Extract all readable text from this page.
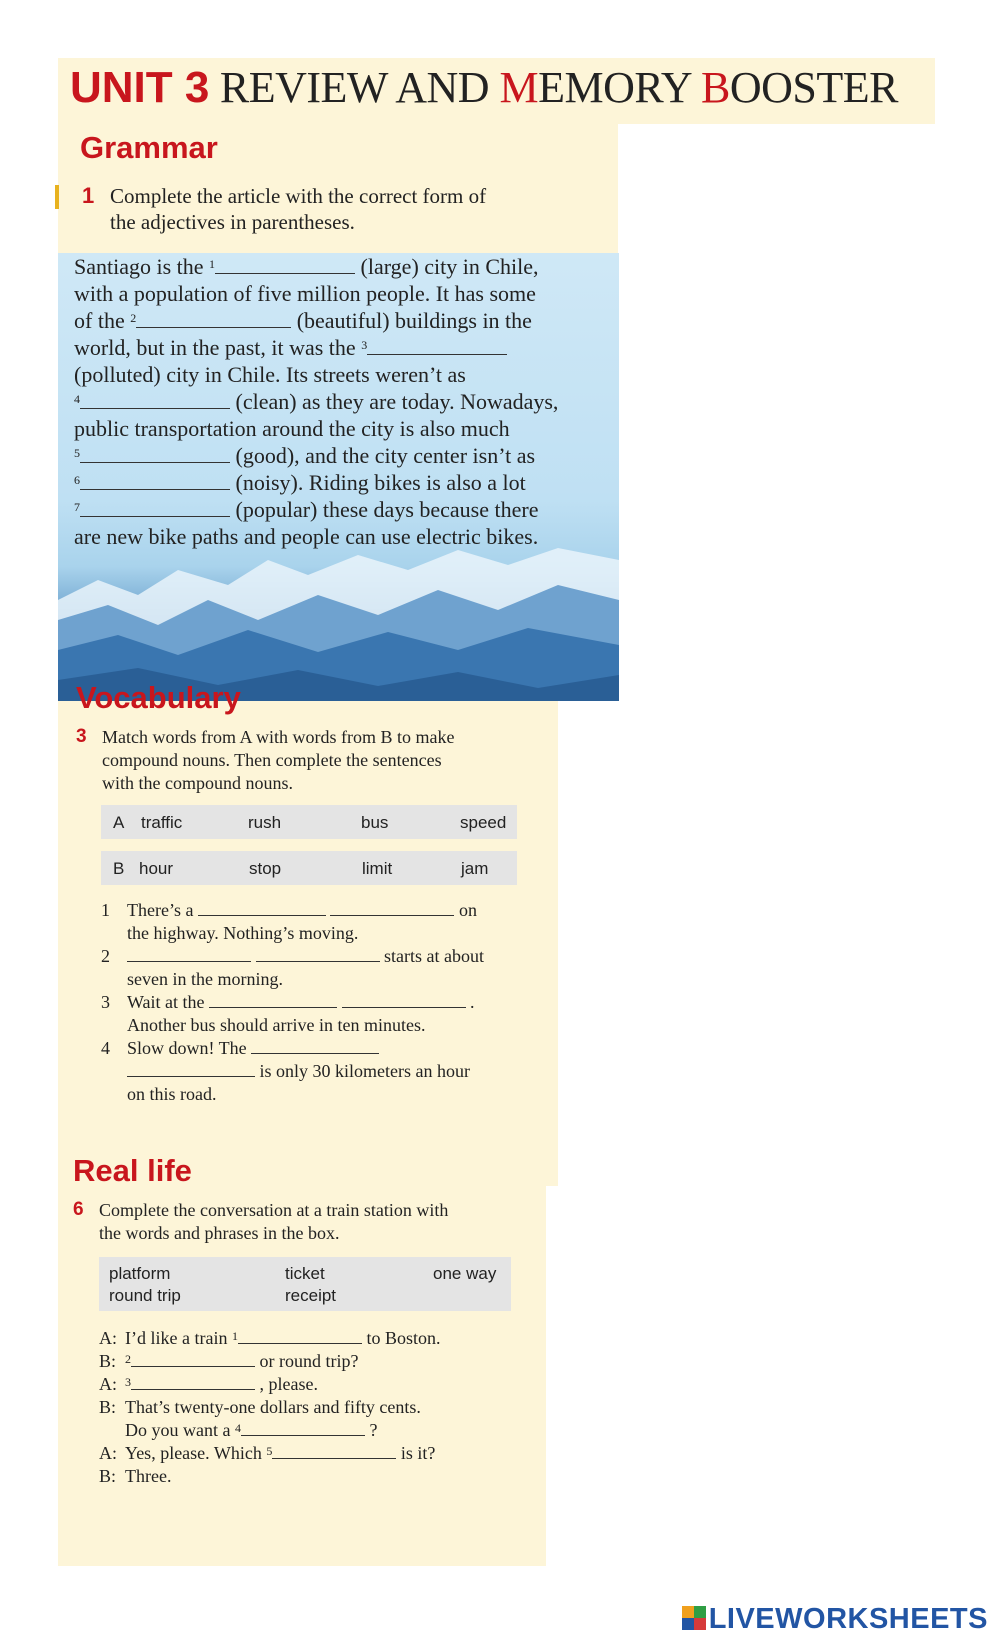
UNIT 3 REVIEW AND MEMORY BOOSTER
Grammar
1 Complete the article with the correct form of
the adjectives in parentheses.

Santiago is the $^1$	(large) city in Chile,

with a population of five million people. It has some

of the $^2$	(beautiful) buildings in the

world, but in the past, it was the $^3$

(polluted) city in Chile. Its streets weren’t as

$^4$	(clean) as they are today. Nowadays,

public transportation around the city is also much

$^5$	(good), and the city center isn’t as

$^6$	(noisy). Riding bikes is also a lot

$^7$	(popular) these days because there

are new bike paths and people can use electric bikes.

Vocabulary
3 Match words from A with words from B to make

compound nouns. Then complete the sentences

with the compound nouns.

A traffic	rush	bus	speed
B hour	stop	limit	jam

1 There’s a	on

the highway. Nothing’s moving.

2	starts at about

seven in the morning.

3 Wait at the	.

Another bus should arrive in ten minutes.

4 Slow down! The

is only 30 kilometers an hour

on this road.

Real life
6 Complete the conversation at a train station with

the words and phrases in the box.

platform	ticket	one way
round trip	receipt

A: I’d like a train $^1$	to Boston.

B: $^2$	or round trip?

A: $^3$	, please.

B: That’s twenty-one dollars and fifty cents.

Do you want a $^4$	?

A: Yes, please. Which $^5$	is it?

B: Three.

LIVEWORKSHEETS
